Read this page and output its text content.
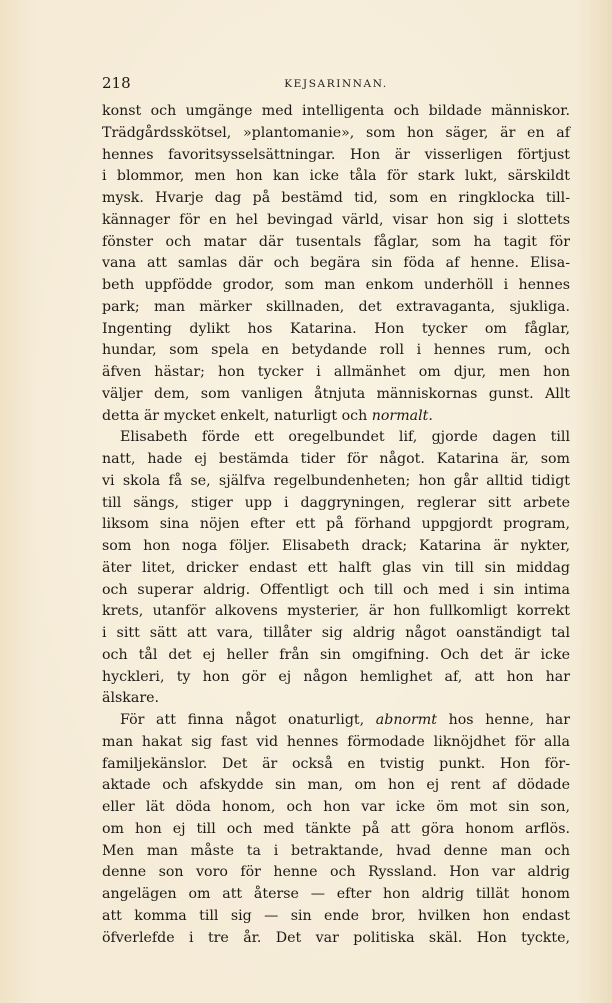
218	KEJSARINNAN.
konst och umgänge med intelligenta och bildade människor.
Trädgårdsskötsel, »plantomanie», som hon säger, är en af
hennes favoritsysselsättningar. Hon är visserligen förtjust
i blommor, men hon kan icke tåla för stark lukt, särskildt
mysk. Hvarje dag på bestämd tid, som en ringklocka till-
kännager för en hel bevingad värld, visar hon sig i slottets
fönster och matar där tusentals fåglar, som ha tagit för
vana att samlas där och begära sin föda af henne. Elisa-
beth uppfödde grodor, som man enkom underhöll i hennes
park; man märker skillnaden, det extravaganta, sjukliga.
Ingenting dylikt hos Katarina. Hon tycker om fåglar,
hundar, som spela en betydande roll i hennes rum, och
äfven hästar; hon tycker i allmänhet om djur, men hon
väljer dem, som vanligen åtnjuta människornas gunst. Allt
detta är mycket enkelt, naturligt och normalt.
Elisabeth förde ett oregelbundet lif, gjorde dagen till
natt, hade ej bestämda tider för något. Katarina är, som
vi skola få se, själfva regelbundenheten; hon går alltid tidigt
till sängs, stiger upp i daggryningen, reglerar sitt arbete
liksom sina nöjen efter ett på förhand uppgjordt program,
som hon noga följer. Elisabeth drack; Katarina är nykter,
äter litet, dricker endast ett halft glas vin till sin middag
och superar aldrig. Offentligt och till och med i sin intima
krets, utanför alkovens mysterier, är hon fullkomligt korrekt
i sitt sätt att vara, tillåter sig aldrig något oanständigt tal
och tål det ej heller från sin omgifning. Och det är icke
hyckleri, ty hon gör ej någon hemlighet af, att hon har
älskare.
För att finna något onaturligt, abnormt hos henne, har
man hakat sig fast vid hennes förmodade liknöjdhet för alla
familjekänslor. Det är också en tvistig punkt. Hon för-
aktade och afskydde sin man, om hon ej rent af dödade
eller lät döda honom, och hon var icke öm mot sin son,
om hon ej till och med tänkte på att göra honom arflös.
Men man måste ta i betraktande, hvad denne man och
denne son voro för henne och Ryssland. Hon var aldrig
angelägen om att återse — efter hon aldrig tillät honom
att komma till sig — sin ende bror, hvilken hon endast
öfverlefde i tre år. Det var politiska skäl. Hon tyckte,
